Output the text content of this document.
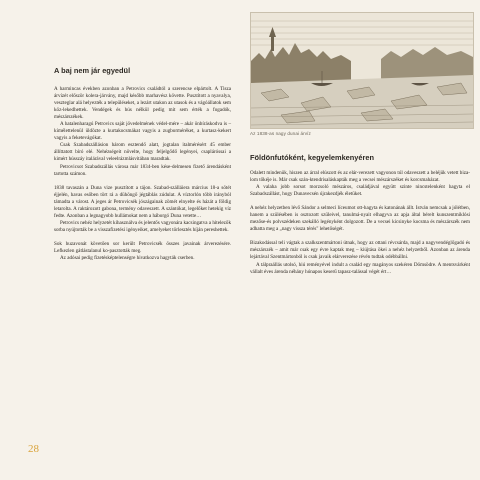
Az 1838-as nagy dunai árvíz
A baj nem jár egyedül

A harmincas években azonban a Petrovics családtól a szerencse elpártolt. A Tisza árvízét először kolera-járvány, majd később marhavész követte. Pusztított a nyavalya, veszteglar alá helyezték a településeket, a lezárt utakon az utasok és a vágóállatok sem köz-lekedhettek. Vendégek és hús nélkül pedig mit sem érték a fogadók, mészárszékek.

A hatalenharagú Petrovics saját jövedelmének védel-mére – akár önbíráskodva is – kímélettelenül üldözte a kurtakocsmákat vagyis a zugborméréket, a kurtasz-kekert vagyis a feketevágókat.

Csak Szabadszállásion három esztendő alatt, jogtalan italmérésért 45 ember állíttatott bíró elé. Nehézségeit növelte, hogy feljelgődő legényei, csapláróssai a kimért hússzáy italárával veleelrázmlásvitában maradtak.

Petrovicsot Szabadszállás városa már 1834-ben kése-delmesen fizető árendásként tartotta számon.

1838 tavaszán a Duna vize pusztított a tájon. Szabad-szálláiera március 18-a sötét éjjelén, havas esőben tört rá a dühöngő jégtáblás zúdulat. A víztorlón több irányból támadta a várost. A jeges ár Petrovicsék jószágainak zömét elnyelte és házát a földig letarolta. A raktározott gabona, termény odaveszett. A szántókat, legelőket hetekig víz fedte. Azonban a legnagyobb hullámokat nem a háborgó Duna vetette…

Petrovics nehéz helyzetét kihasználva és jelentős vagyonára kacsingatva a hitelezők sorba nyújtották be a visszafizetési igényeiket, amelyeket törlesztés híján pereshettek.

Sok huzavonát követően sor került Petrovicsék összes javainak árverezésére. Lefkezlen gátlástalanul ko-pasztották meg.

Az adósai pedig fizetésképtelenségre hivatkozva hagyták cserben.

Földönfutóként, kegyelemkenyéren

Odalett mindenük, hiszen az árral elúszott és az elár-verezett vagyonon túl odaveszett a beléjük vetett biza-lom tőkéje is. Már csak szán-ktendrisaláskapták meg a vecsei mészárszéket és korcsmaházat.

A valaha jobb sorsot morzsoló mészáros, családjával együtt szinte nincstelenként hagyta el Szabadszállást, hogy Dunavecsén újrakezdjék életüket.

A nehéz helyzetben lévő Sándor a selmeci líceumot ott-hagyta és katonának állt. István nemcsak a jólétben, hanem a szülésében is osztozott szüleivel, tanulmá-nyait elhagyva az apja által bérelt kunszentmiklósi mezőse-és polvszédeken szekálló legényként dolgozott. De a vecsei kicsinyke kocsma és mészárszék nem adhatta meg a „nagy vissza térés" lehetőségét.

Bizakodással teli vágtak a szalkszentmártoni útnak, hogy az ottani révcsárda, majd a nagyvendéglőgadó és mészárszék – amit már csak egy évre kaptak meg – kiújtása ökei a nehéz helyzetből. Azonban az árenda lejártával Szentmártonból is csak javaik elárverezése révén tudtak odébbállni.

A tálpraállás utolsó, hiú reményével indult a család egy magányos szekéren Dömsödre. A mentsvárként vállalt éves árenda néhány hónapos keserű tapasz-talással végét ért…

28
